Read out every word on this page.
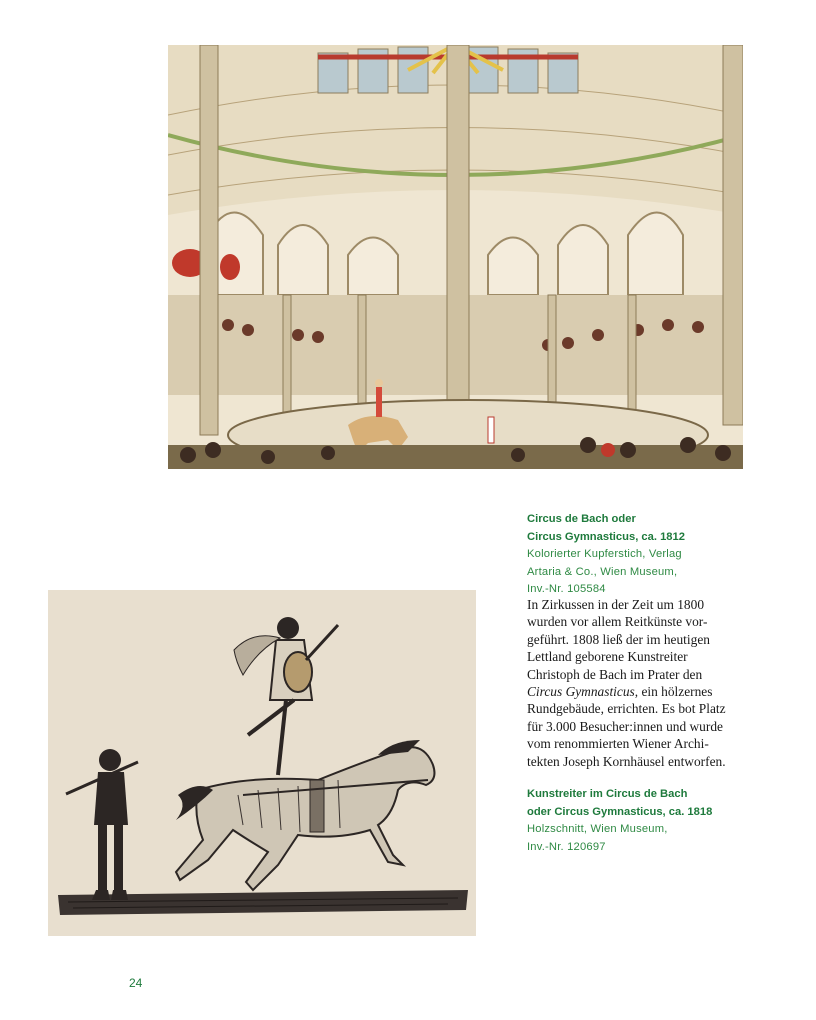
Circus de Bach oder
Circus Gymnasticus, ca. 1812
Kolorierter Kupferstich, Verlag
Artaria & Co., Wien Museum,
Inv.-Nr. 105584
In Zirkussen in der Zeit um 1800
wurden vor allem Reitkünste vor-
geführt. 1808 ließ der im heutigen
Lettland geborene Kunstreiter
Christoph de Bach im Prater den
Circus Gymnasticus, ein hölzernes
Rundgebäude, errichten. Es bot Platz
für 3.000 Besucher:innen und wurde
vom renommierten Wiener Archi-
tekten Joseph Kornhäusel entworfen.
Kunstreiter im Circus de Bach
oder Circus Gymnasticus, ca. 1818
Holzschnitt, Wien Museum,
Inv.-Nr. 120697
24
